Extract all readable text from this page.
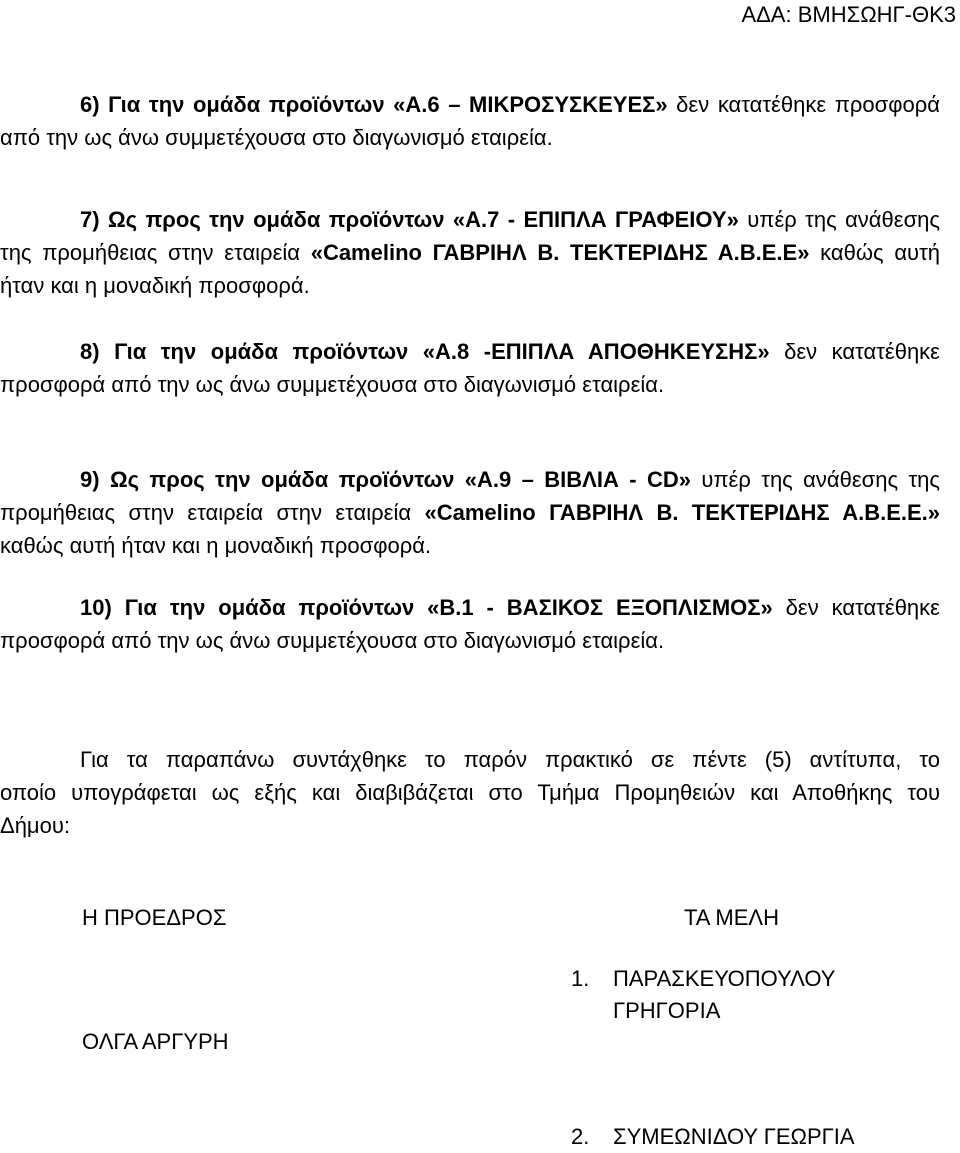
ΑΔΑ: ΒΜΗΣΩΗΓ-ΘΚ3
6) Για την ομάδα προϊόντων «Α.6 – ΜΙΚΡΟΣΥΣΚΕΥΕΣ» δεν κατατέθηκε προσφορά από την ως άνω συμμετέχουσα στο διαγωνισμό εταιρεία.
7) Ως προς την ομάδα προϊόντων «Α.7 - ΕΠΙΠΛΑ ΓΡΑΦΕΙΟΥ» υπέρ της ανάθεσης της προμήθειας στην εταιρεία «Camelino ΓΑΒΡΙΗΛ Β. ΤΕΚΤΕΡΙΔΗΣ Α.Β.Ε.Ε» καθώς αυτή ήταν και η μοναδική προσφορά.
8) Για την ομάδα προϊόντων «Α.8 -ΕΠΙΠΛΑ ΑΠΟΘΗΚΕΥΣΗΣ» δεν κατατέθηκε προσφορά από την ως άνω συμμετέχουσα στο διαγωνισμό εταιρεία.
9) Ως προς την ομάδα προϊόντων «Α.9 – ΒΙΒΛΙΑ - CD» υπέρ της ανάθεσης της προμήθειας στην εταιρεία στην εταιρεία «Camelino ΓΑΒΡΙΗΛ Β. ΤΕΚΤΕΡΙΔΗΣ Α.Β.Ε.Ε.» καθώς αυτή ήταν και η μοναδική προσφορά.
10) Για την ομάδα προϊόντων «Β.1 - ΒΑΣΙΚΟΣ ΕΞΟΠΛΙΣΜΟΣ» δεν κατατέθηκε προσφορά από την ως άνω συμμετέχουσα στο διαγωνισμό εταιρεία.
Για τα παραπάνω συντάχθηκε το παρόν πρακτικό σε πέντε (5) αντίτυπα, το οποίο υπογράφεται ως εξής και διαβιβάζεται στο Τμήμα Προμηθειών και Αποθήκης του Δήμου:
Η ΠΡΟΕΔΡΟΣ	ΤΑ ΜΕΛΗ
ΟΛΓΑ ΑΡΓΥΡΗ
1. ΠΑΡΑΣΚΕΥΟΠΟΥΛΟΥ ΓΡΗΓΟΡΙΑ
2. ΣΥΜΕΩΝΙΔΟΥ ΓΕΩΡΓΙΑ
